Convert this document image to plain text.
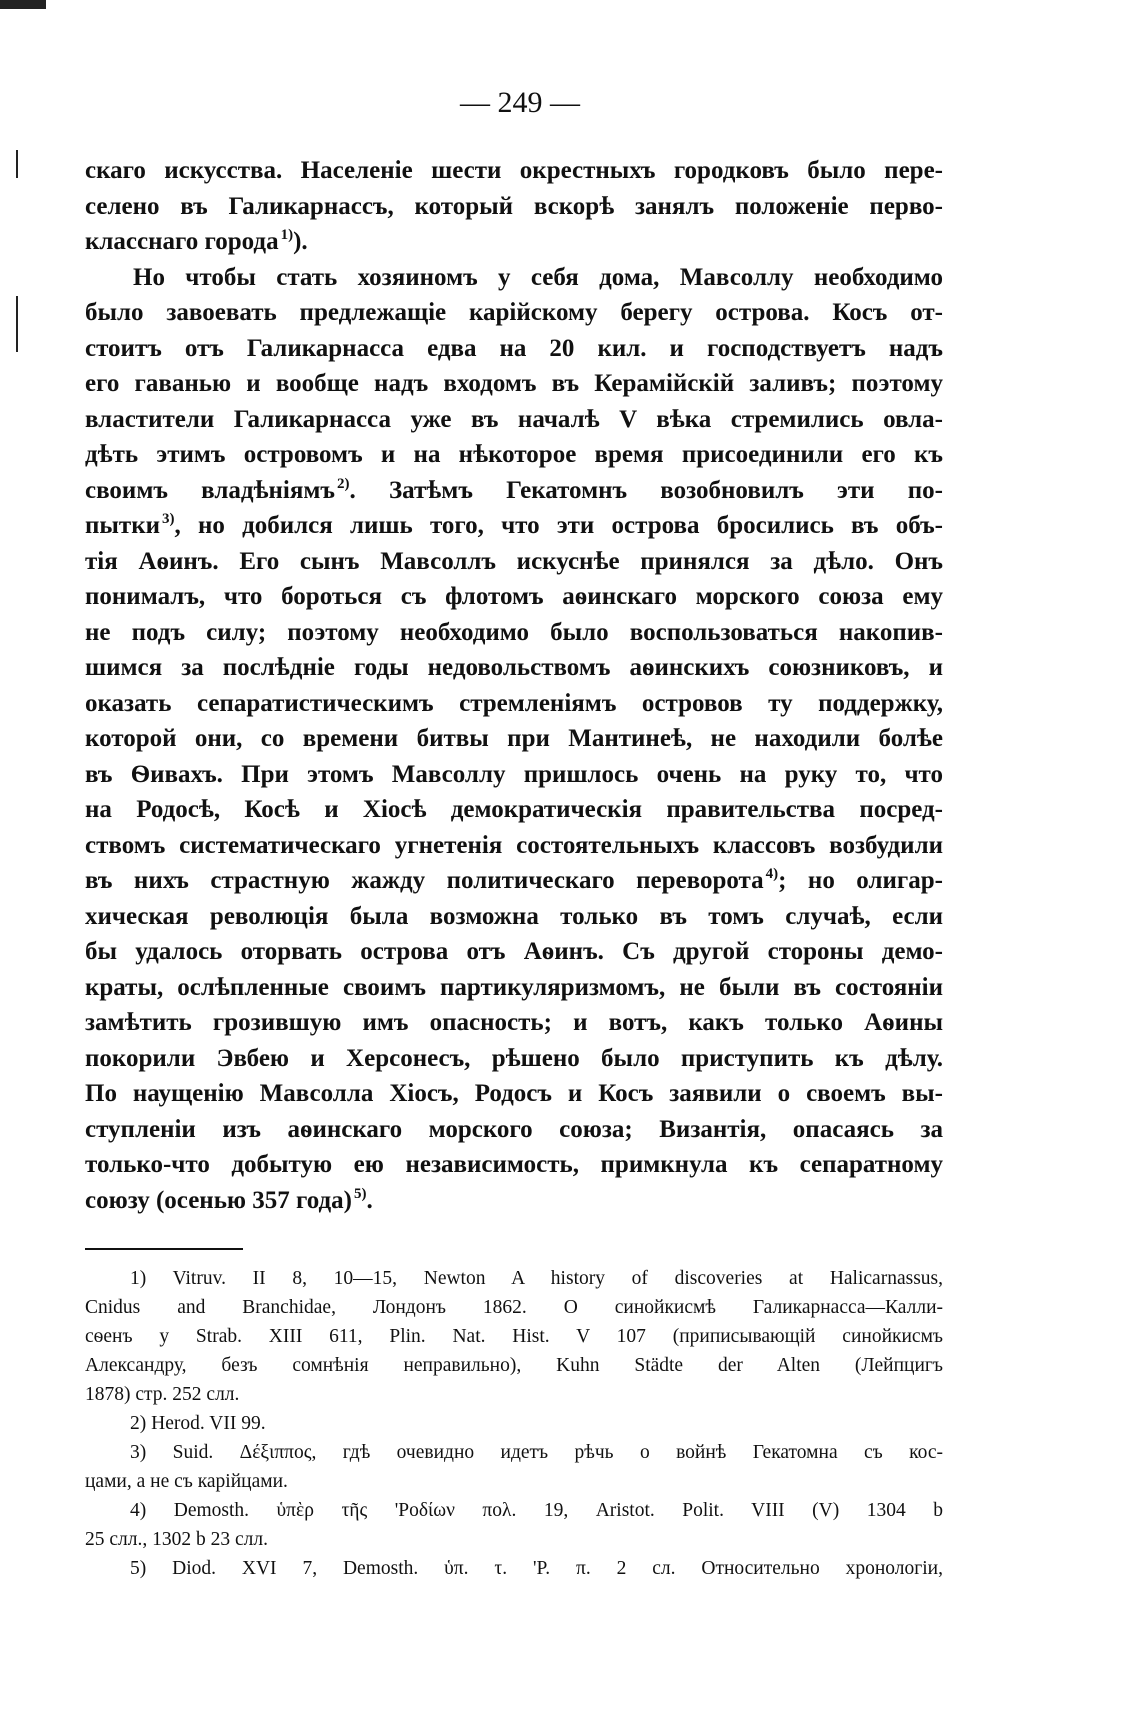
— 249 —
скаго искусства. Населеніе шести окрестныхъ городковъ было пере-
селено въ Галикарнассъ, который вскорѣ занялъ положеніе перво-
класснаго города $^{1)}$).
Но чтобы стать хозяиномъ у себя дома, Мавсоллу необходимо
было завоевать предлежащіе карійскому берегу острова. Косъ от-
стоитъ отъ Галикарнасса едва на 20 кил. и господствуетъ надъ
его гаванью и вообще надъ входомъ въ Керамійскій заливъ; поэтому
властители Галикарнасса уже въ началѣ V вѣка стремились овла-
дѣть этимъ островомъ и на нѣкоторое время присоединили его къ
своимъ владѣніямъ $^{2)}$. Затѣмъ Гекатомнъ возобновилъ эти по-
пытки $^{3)}$, но добился лишь того, что эти острова бросились въ объ-
тія Аѳинъ. Его сынъ Мавсоллъ искуснѣе принялся за дѣло. Онъ
понималъ, что бороться съ флотомъ аѳинскаго морского союза ему
не подъ силу; поэтому необходимо было воспользоваться накопив-
шимся за послѣдніе годы недовольствомъ аѳинскихъ союзниковъ, и
оказать сепаратистическимъ стремленіямъ островов ту поддержку,
которой они, со времени битвы при Мантинеѣ, не находили болѣе
въ Ѳивахъ. При этомъ Мавсоллу пришлось очень на руку то, что
на Родосѣ, Косѣ и Хіосѣ демократическія правительства посред-
ствомъ систематическаго угнетенія состоятельныхъ классовъ возбудили
въ нихъ страстную жажду политическаго переворота $^{4)}$; но олигар-
хическая революція была возможна только въ томъ случаѣ, если
бы удалось оторвать острова отъ Аѳинъ. Съ другой стороны демо-
краты, ослѣпленные своимъ партикуляризмомъ, не были въ состояніи
замѣтить грозившую имъ опасность; и вотъ, какъ только Аѳины
покорили Эвбею и Херсонесъ, рѣшено было приступить къ дѣлу.
По наущенію Мавсолла Хіосъ, Родосъ и Косъ заявили о своемъ вы-
ступленіи изъ аѳинскаго морского союза; Византія, опасаясь за
только-что добытую ею независимость, примкнула къ сепаратному
союзу (осенью 357 года) $^{5)}$.
1) Vitruv. II 8, 10—15, Newton A history of discoveries at Halicarnassus,
Cnidus and Branchidae, Лондонъ 1862. О синойкисмѣ Галикарнасса—Калли-
сѳенъ у Strab. XIII 611, Plin. Nat. Hist. V 107 (приписывающій синойкисмъ
Александру, безъ сомнѣнія неправильно), Kuhn Städte der Alten (Лейпцигъ
1878) стр. 252 слл.
2) Herod. VII 99.
3) Suid. Δέξιππος, гдѣ очевидно идетъ рѣчь о войнѣ Гекатомна съ кос-
цами, а не съ карійцами.
4) Demosth. ὑπὲρ τῆς 'Ροδίων πολ. 19, Aristot. Polit. VIII (V) 1304 b
25 слл., 1302 b 23 слл.
5) Diod. XVI 7, Demosth. ὑπ. τ. 'Ρ. π. 2 сл. Относительно хронологіи,
